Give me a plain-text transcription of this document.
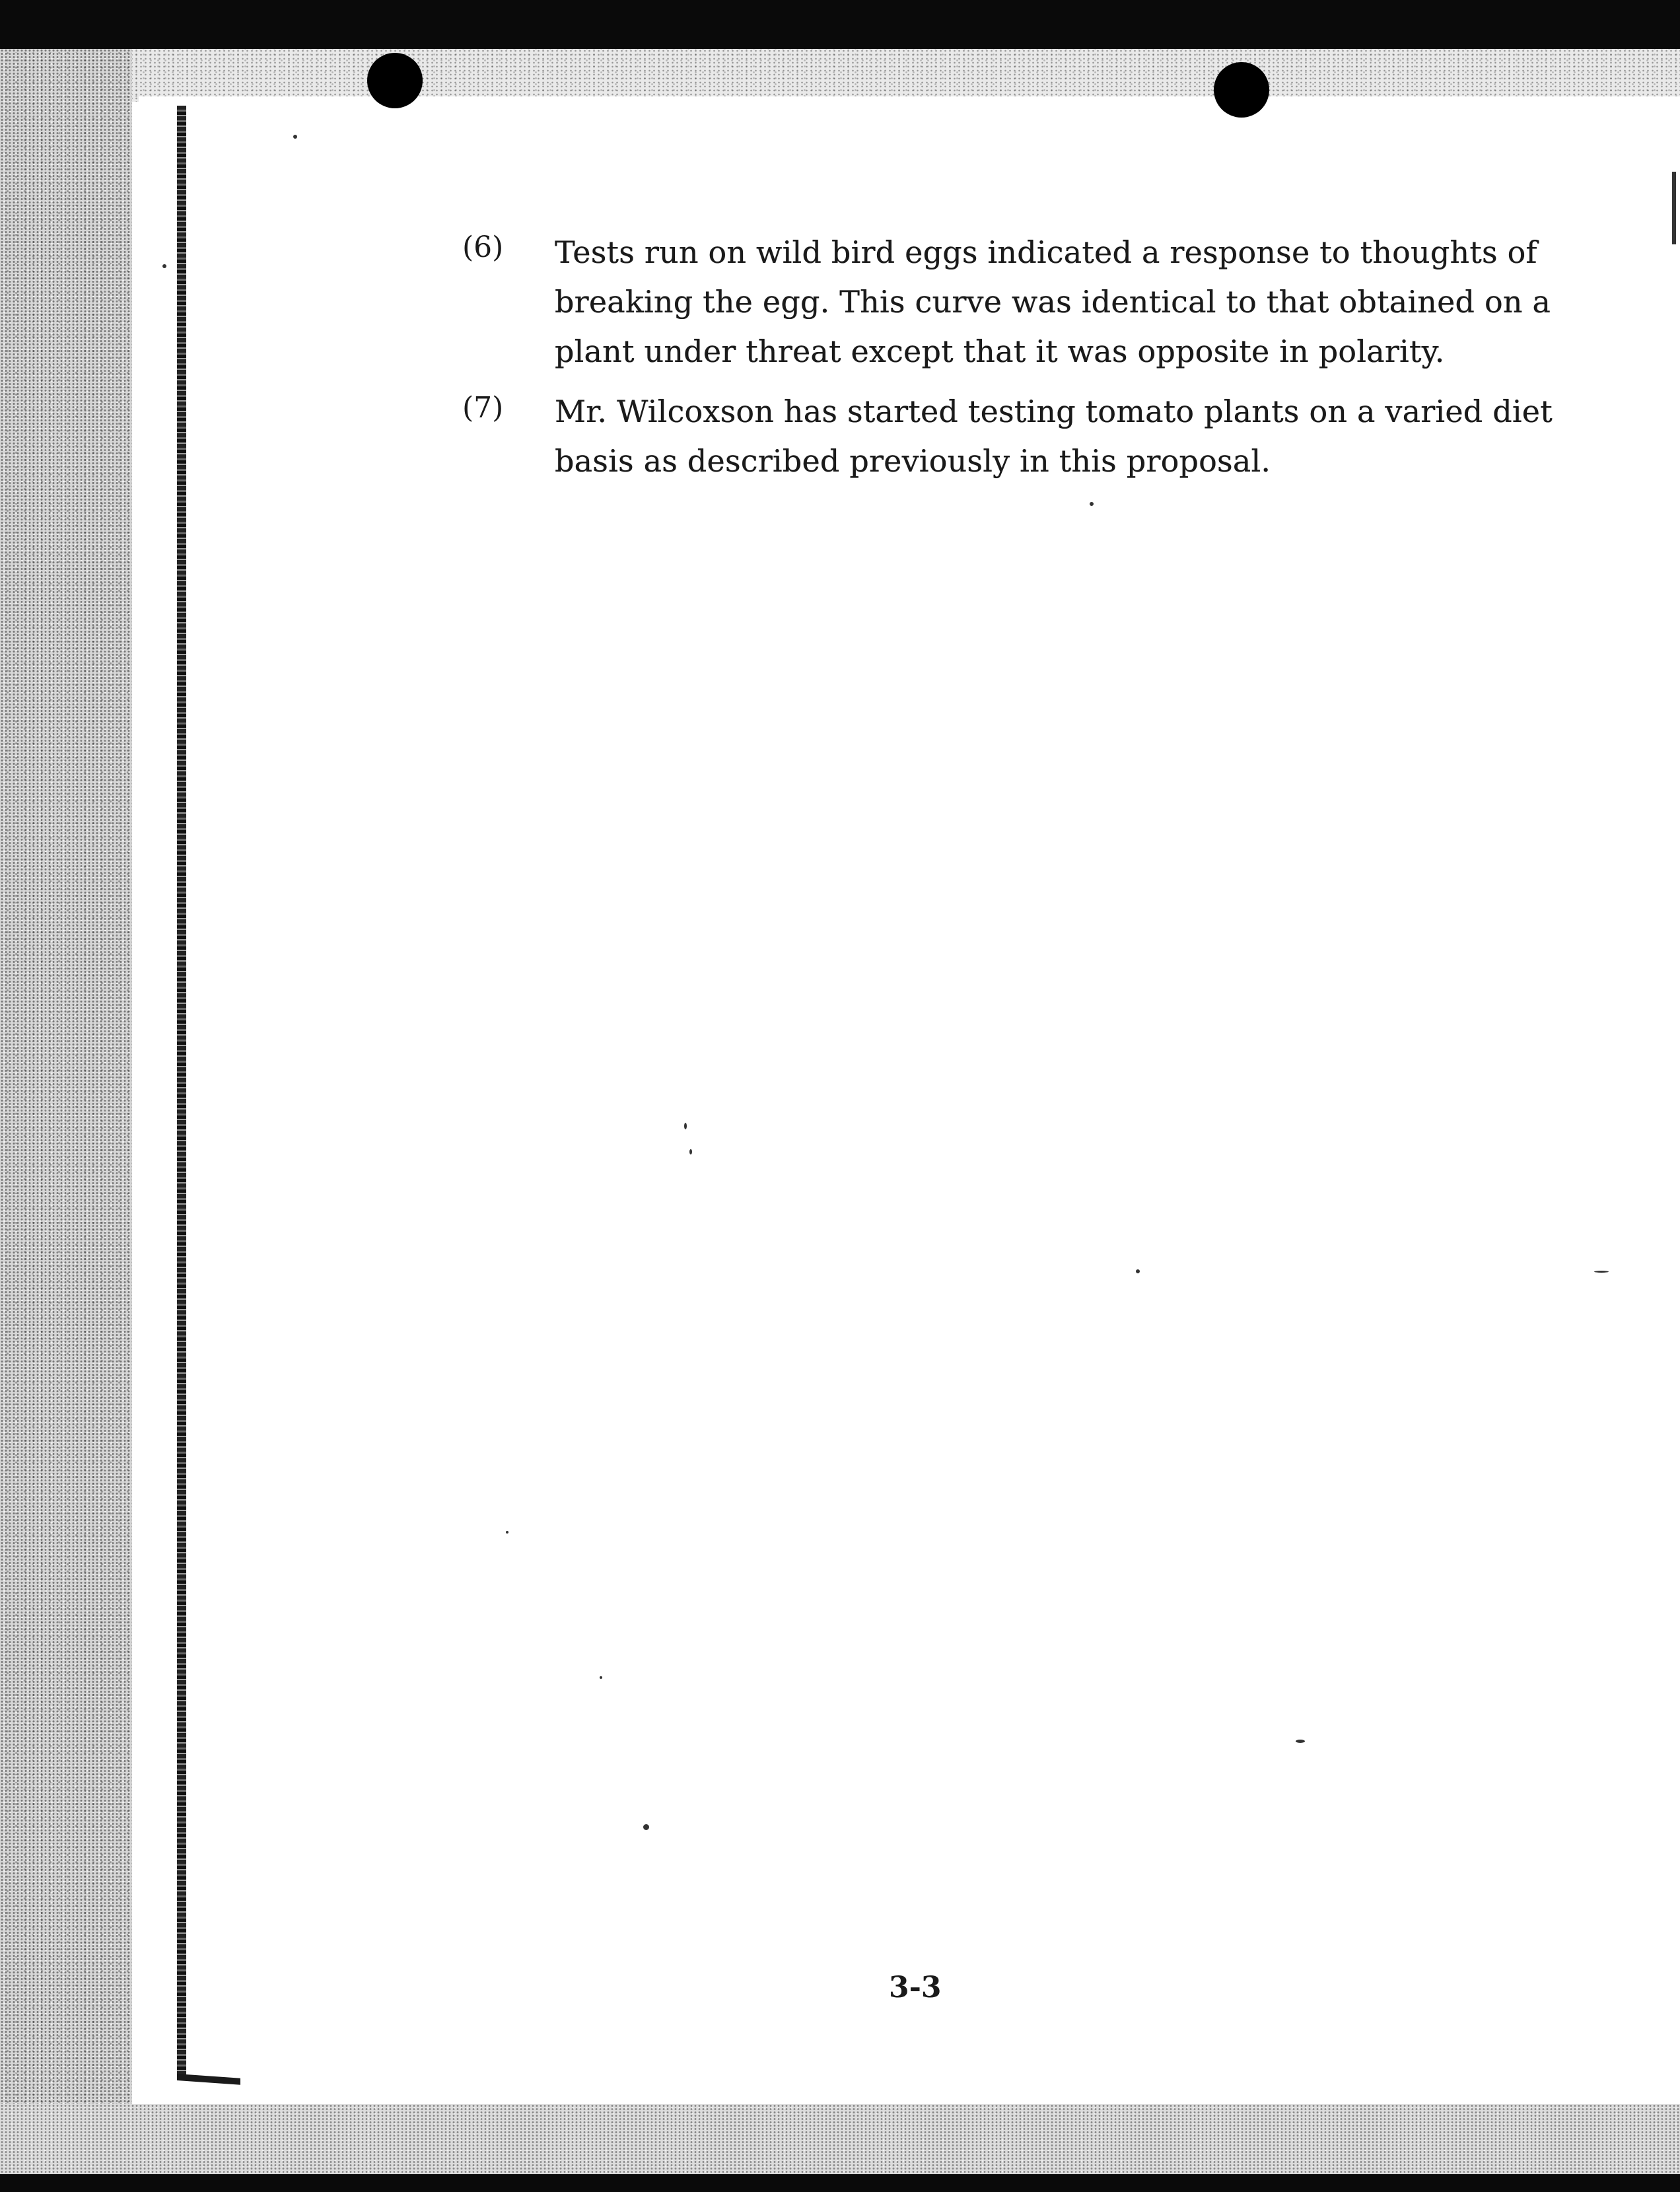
(6) Tests run on wild bird eggs indicated a response to thoughts of breaking the egg. This curve was identical to that obtained on a plant under threat except that it was opposite in polarity.

(7) Mr. Wilcoxson has started testing tomato plants on a varied diet basis as described previously in this proposal.

3-3
